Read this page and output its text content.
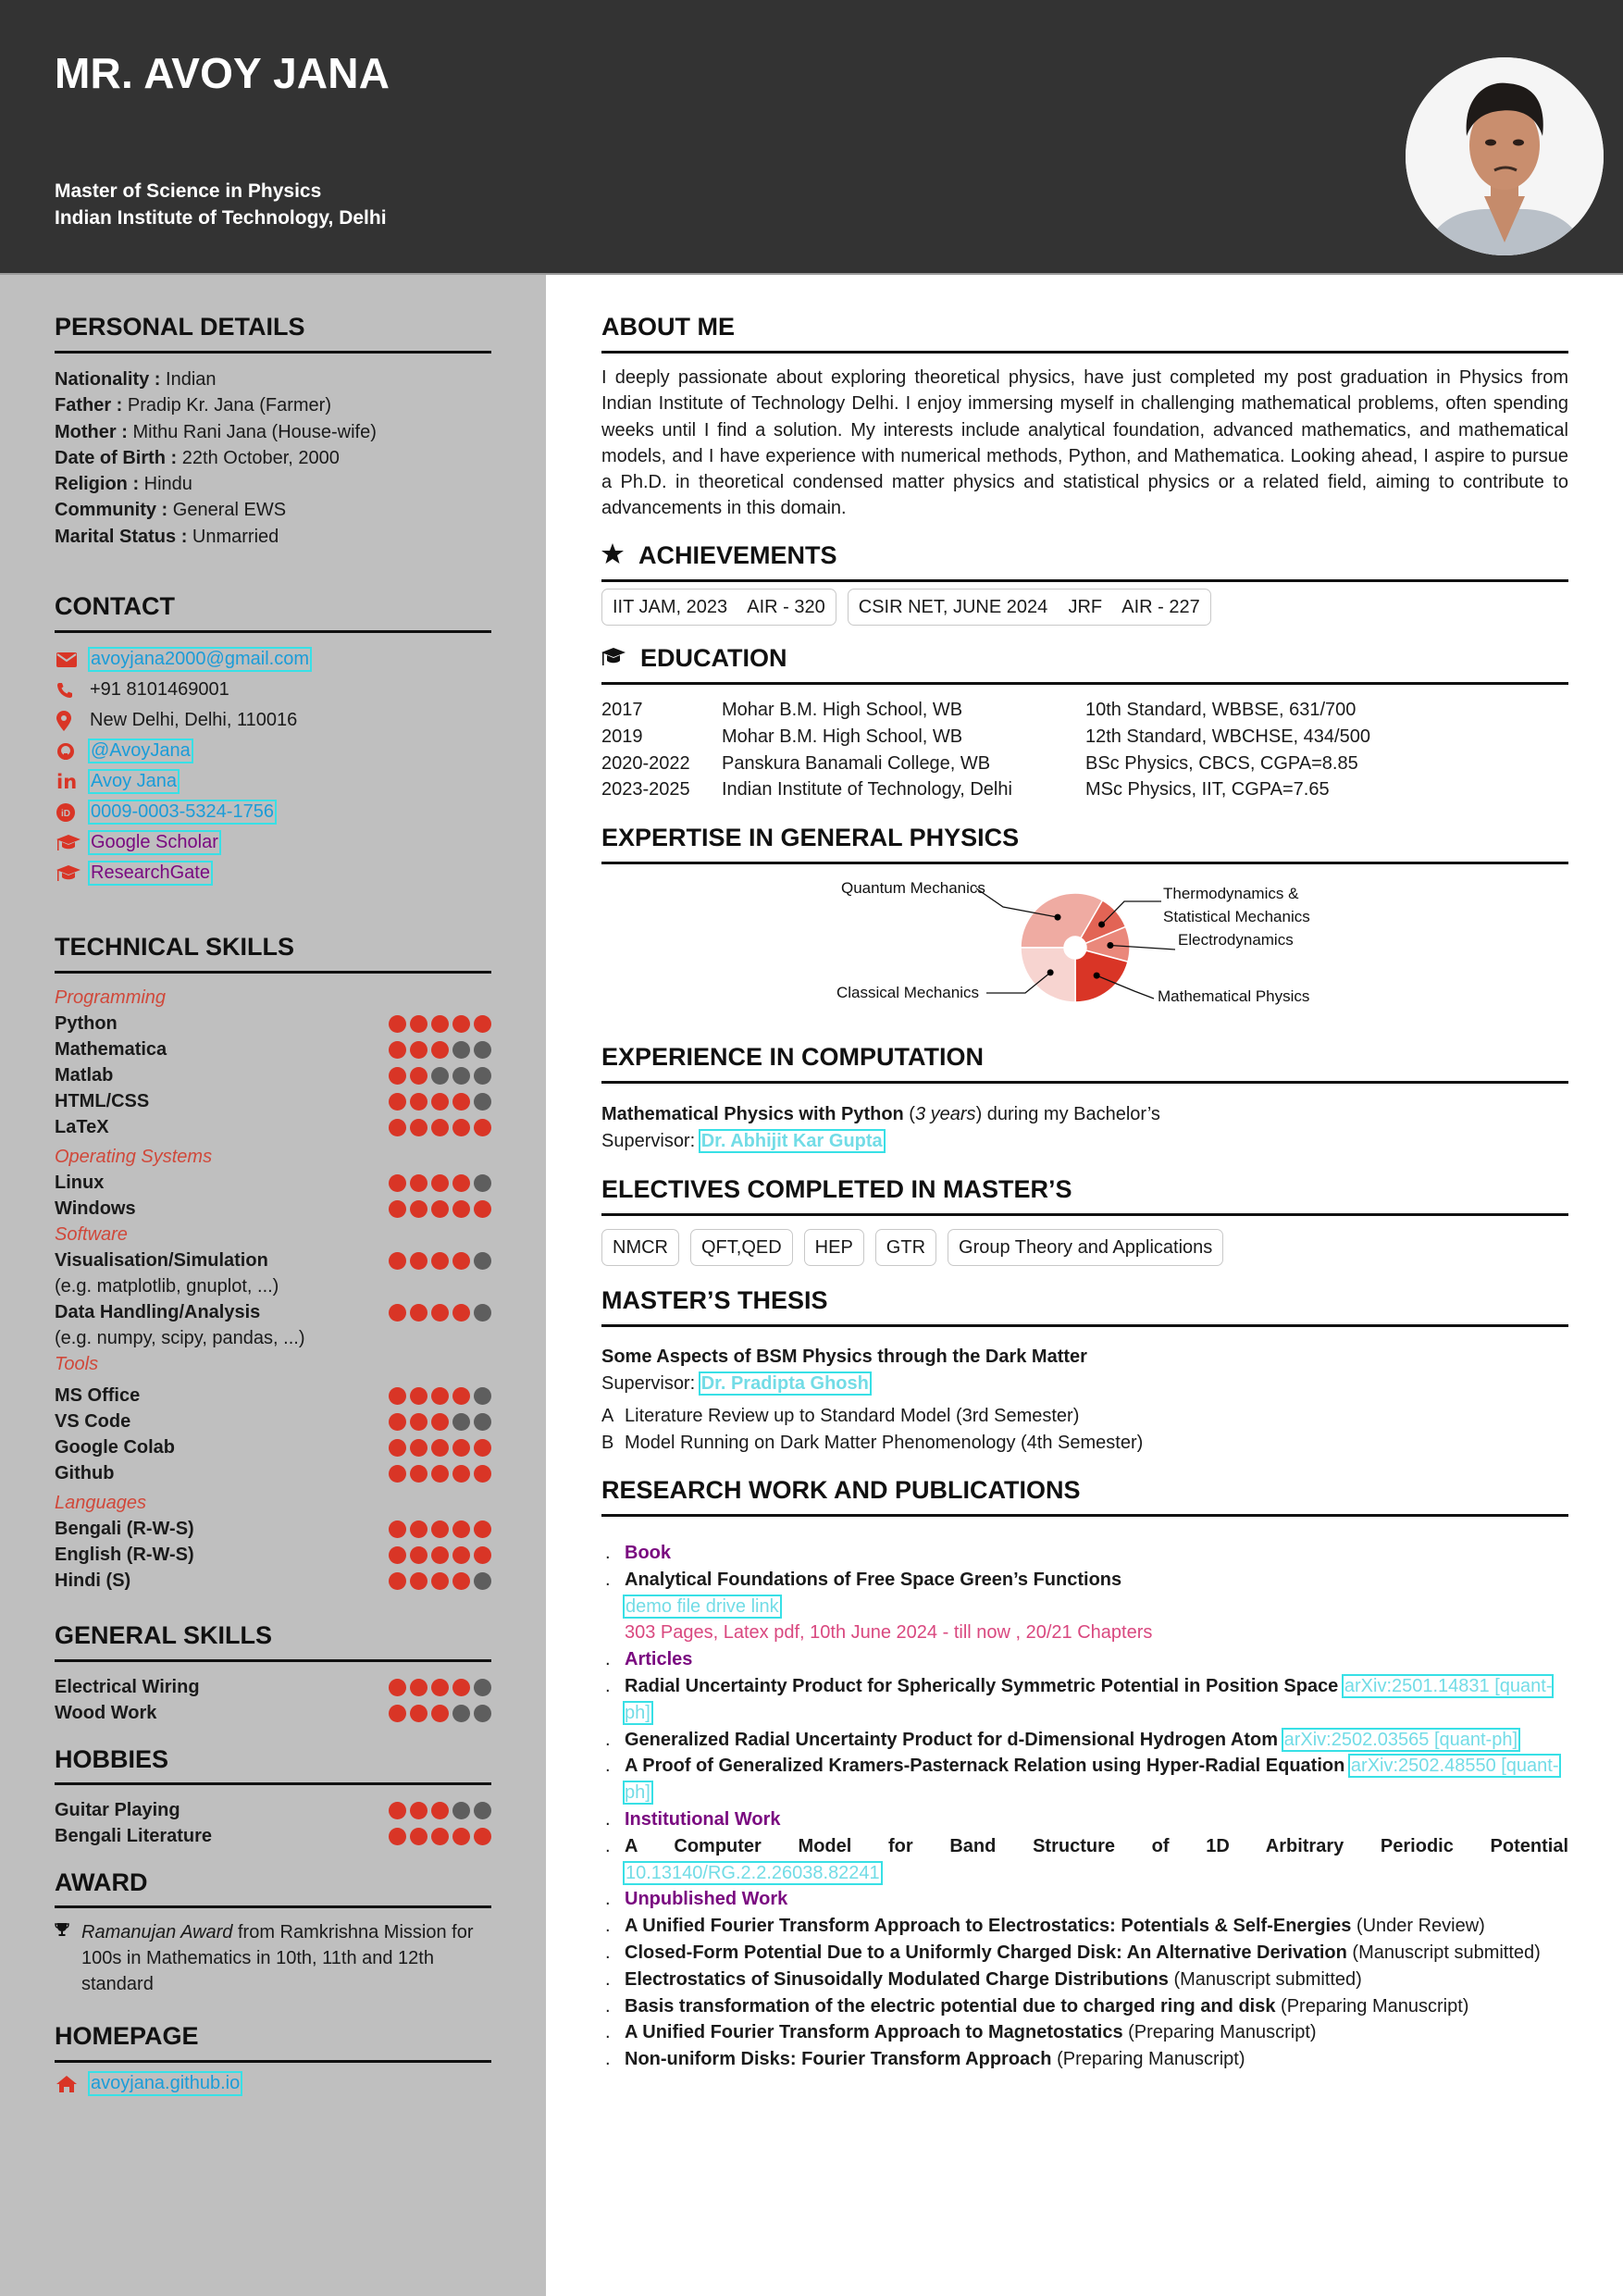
MR. AVOY JANA
Master of Science in Physics
Indian Institute of Technology, Delhi
PERSONAL DETAILS
Nationality : Indian
Father : Pradip Kr. Jana (Farmer)
Mother : Mithu Rani Jana (House-wife)
Date of Birth : 22th October, 2000
Religion : Hindu
Community : General EWS
Marital Status : Unmarried
CONTACT
avoyjana2000@gmail.com
+91 8101469001
New Delhi, Delhi, 110016
@AvoyJana
in Avoy Jana
iD 0009-0003-5324-1756
Google Scholar
ResearchGate
TECHNICAL SKILLS
Programming
Python
Mathematica
Matlab
HTML/CSS
LaTeX
Operating Systems
Linux
Windows
Software
Visualisation/Simulation
(e.g. matplotlib, gnuplot, ...)
Data Handling/Analysis
(e.g. numpy, scipy, pandas, ...)
Tools
MS Office
VS Code
Google Colab
Github
Languages
Bengali (R-W-S)
English (R-W-S)
Hindi (S)
GENERAL SKILLS
Electrical Wiring
Wood Work
HOBBIES
Guitar Playing
Bengali Literature
AWARD
Ramanujan Award from Ramkrishna Mission for 100s in Mathematics in 10th, 11th and 12th standard
HOMEPAGE
avoyjana.github.io
ABOUT ME
I deeply passionate about exploring theoretical physics, have just completed my post graduation in Physics from Indian Institute of Technology Delhi. I enjoy immersing myself in challenging mathematical problems, often spending weeks until I find a solution. My interests include analytical foundation, advanced mathematics, and mathematical models, and I have experience with numerical methods, Python, and Mathematica. Looking ahead, I aspire to pursue a Ph.D. in theoretical condensed matter physics and statistical physics or a related field, aiming to contribute to advancements in this domain.
ACHIEVEMENTS
IIT JAM, 2023    AIR - 320	CSIR NET, JUNE 2024    JRF    AIR - 227
EDUCATION
2017	Mohar B.M. High School, WB	10th Standard, WBBSE, 631/700
2019	Mohar B.M. High School, WB	12th Standard, WBCHSE, 434/500
2020-2022	Panskura Banamali College, WB	BSc Physics, CBCS, CGPA=8.85
2023-2025	Indian Institute of Technology, Delhi	MSc Physics, IIT, CGPA=7.65
EXPERTISE IN GENERAL PHYSICS
Quantum Mechanics	Thermodynamics &
Statistical Mechanics
Electrodynamics
Mathematical Physics
Classical Mechanics
EXPERIENCE IN COMPUTATION
Mathematical Physics with Python (3 years) during my Bachelor’s
Supervisor: Dr. Abhijit Kar Gupta
ELECTIVES COMPLETED IN MASTER’S
NMCR	QFT,QED	HEP	GTR	Group Theory and Applications
MASTER’S THESIS
Some Aspects of BSM Physics through the Dark Matter
Supervisor: Dr. Pradipta Ghosh
A Literature Review up to Standard Model (3rd Semester)
B Model Running on Dark Matter Phenomenology (4th Semester)
RESEARCH WORK AND PUBLICATIONS
. Book
. Analytical Foundations of Free Space Green’s Functions
demo file drive link
303 Pages, Latex pdf, 10th June 2024 - till now , 20/21 Chapters
. Articles
. Radial Uncertainty Product for Spherically Symmetric Potential in Position Space arXiv:2501.14831 [quant-ph]
. Generalized Radial Uncertainty Product for d-Dimensional Hydrogen Atom arXiv:2502.03565 [quant-ph]
. A Proof of Generalized Kramers-Pasternack Relation using Hyper-Radial Equation arXiv:2502.48550 [quant-ph]
. Institutional Work
. A Computer Model for Band Structure of 1D Arbitrary Periodic Potential
10.13140/RG.2.2.26038.82241
. Unpublished Work
. A Unified Fourier Transform Approach to Electrostatics: Potentials & Self-Energies (Under Review)
. Closed-Form Potential Due to a Uniformly Charged Disk: An Alternative Derivation (Manuscript submitted)
. Electrostatics of Sinusoidally Modulated Charge Distributions (Manuscript submitted)
. Basis transformation of the electric potential due to charged ring and disk (Preparing Manuscript)
. A Unified Fourier Transform Approach to Magnetostatics (Preparing Manuscript)
. Non-uniform Disks: Fourier Transform Approach (Preparing Manuscript)
